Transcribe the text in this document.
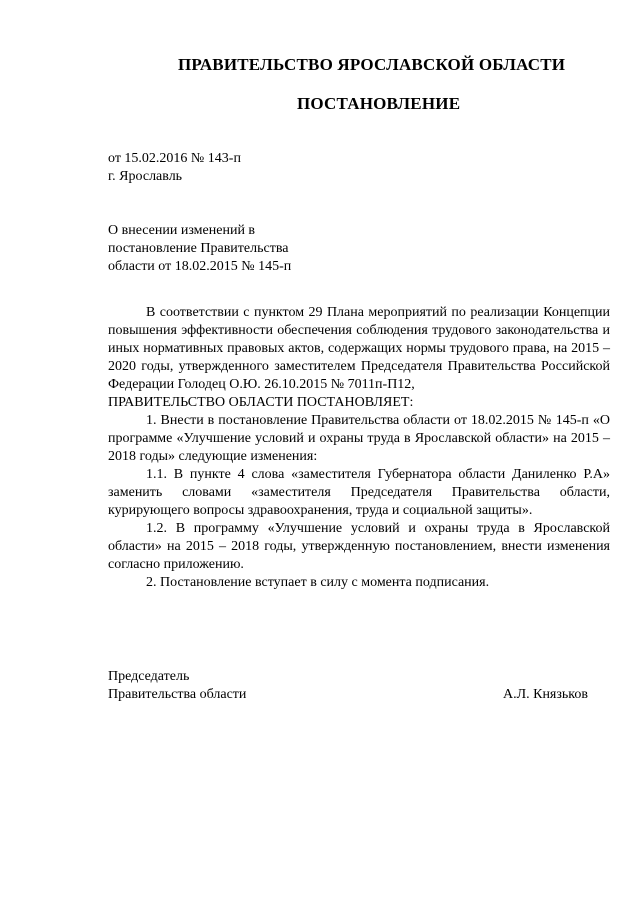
ПРАВИТЕЛЬСТВО ЯРОСЛАВСКОЙ ОБЛАСТИ
ПОСТАНОВЛЕНИЕ
от 15.02.2016 № 143-п
г. Ярославль
О внесении изменений в
постановление Правительства
области от 18.02.2015 № 145-п

В соответствии с пунктом 29 Плана мероприятий по реализации Концепции повышения эффективности обеспечения соблюдения трудового законодательства и иных нормативных правовых актов, содержащих нормы трудового права, на 2015 – 2020 годы, утвержденного заместителем Председателя Правительства Российской Федерации Голодец О.Ю. 26.10.2015 № 7011п-П12,

ПРАВИТЕЛЬСТВО ОБЛАСТИ ПОСТАНОВЛЯЕТ:

1. Внести в постановление Правительства области от 18.02.2015 № 145-п «О программе «Улучшение условий и охраны труда в Ярославской области» на 2015 – 2018 годы» следующие изменения:

1.1. В пункте 4 слова «заместителя Губернатора области Даниленко Р.А» заменить словами «заместителя Председателя Правительства области, курирующего вопросы здравоохранения, труда и социальной защиты».

1.2. В программу «Улучшение условий и охраны труда в Ярославской области» на 2015 – 2018 годы, утвержденную постановлением, внести изменения согласно приложению.

2. Постановление вступает в силу с момента подписания.

Председатель
Правительства области	А.Л. Князьков
